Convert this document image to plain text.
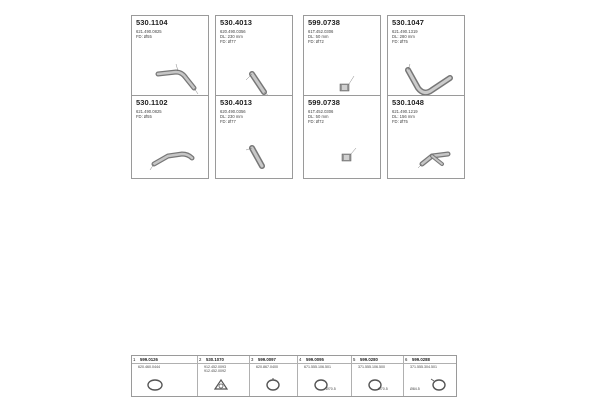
530.1104
621.490.0825
FD: Ø55
530.4013
620.490.0356
DL: 230 mm
FD: Ø77
599.0738
61T.452.0306
DL: 50 mm
FD: Ø72
530.1047
621.490.1319
DL: 280 mm
FD: Ø75
530.1102
621.490.0825
FD: Ø55
530.4013
620.490.0356
DL: 230 mm
FD: Ø77
599.0738
61T.452.0306
DL: 50 mm
FD: Ø72
530.1048
621.490.1219
DL: 156 mm
FD: Ø75
1 599.0126
620.460.0444
2 530.1070
912.452.0093
912.452.0092
3 599.0097
620.867.0400
4 599.0095
671.555.106.501
Ø70.5
5 599.0280
371.555.106.500
Ø70.5
6 599.0288
371.555.304.501
Ø84.5
